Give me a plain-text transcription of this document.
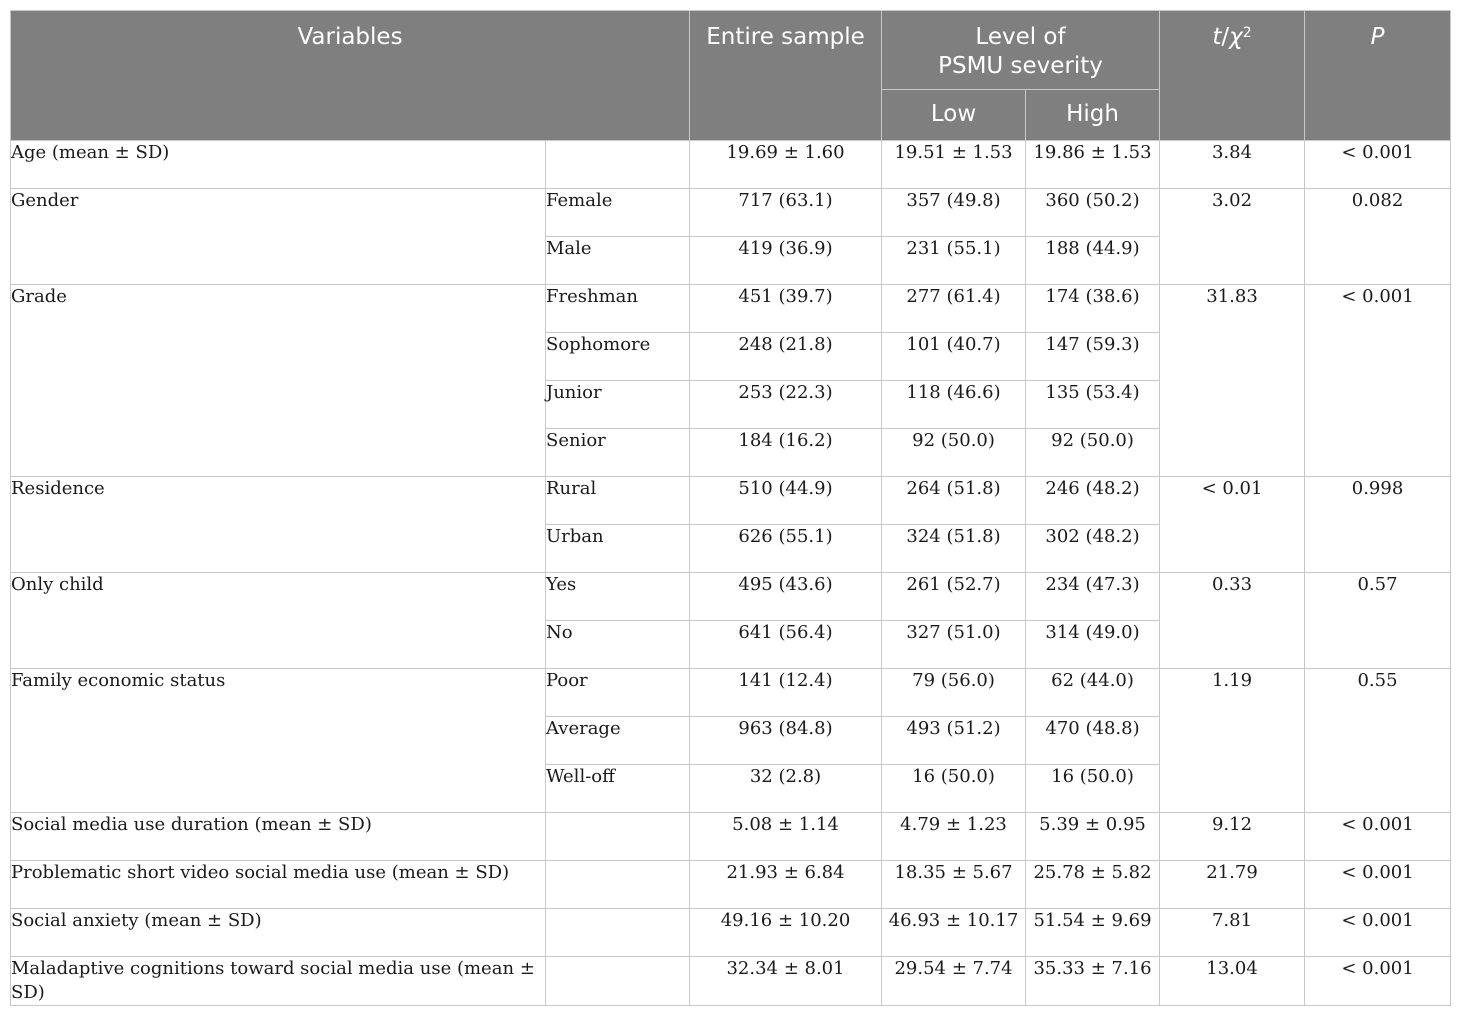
Variables		Entire sample	Level of
PSMU severity		$t/\chi^2$	P
			Low	High		
Age (mean ± SD)		19.69 ± 1.60	19.51 ± 1.53	19.86 ± 1.53	3.84	< 0.001
Gender	Female	717 (63.1)	357 (49.8)	360 (50.2)	3.02	0.082
	Male	419 (36.9)	231 (55.1)	188 (44.9)		
Grade	Freshman	451 (39.7)	277 (61.4)	174 (38.6)	31.83	< 0.001
	Sophomore	248 (21.8)	101 (40.7)	147 (59.3)		
	Junior	253 (22.3)	118 (46.6)	135 (53.4)		
	Senior	184 (16.2)	92 (50.0)	92 (50.0)		
Residence	Rural	510 (44.9)	264 (51.8)	246 (48.2)	< 0.01	0.998
	Urban	626 (55.1)	324 (51.8)	302 (48.2)		
Only child	Yes	495 (43.6)	261 (52.7)	234 (47.3)	0.33	0.57
	No	641 (56.4)	327 (51.0)	314 (49.0)		
Family economic status	Poor	141 (12.4)	79 (56.0)	62 (44.0)	1.19	0.55
	Average	963 (84.8)	493 (51.2)	470 (48.8)		
	Well-off	32 (2.8)	16 (50.0)	16 (50.0)		
Social media use duration (mean ± SD)		5.08 ± 1.14	4.79 ± 1.23	5.39 ± 0.95	9.12	< 0.001
Problematic short video social media use (mean ± SD)		21.93 ± 6.84	18.35 ± 5.67	25.78 ± 5.82	21.79	< 0.001
Social anxiety (mean ± SD)		49.16 ± 10.20	46.93 ± 10.17	51.54 ± 9.69	7.81	< 0.001
Maladaptive cognitions toward social media use (mean ± SD)		32.34 ± 8.01	29.54 ± 7.74	35.33 ± 7.16	13.04	< 0.001
